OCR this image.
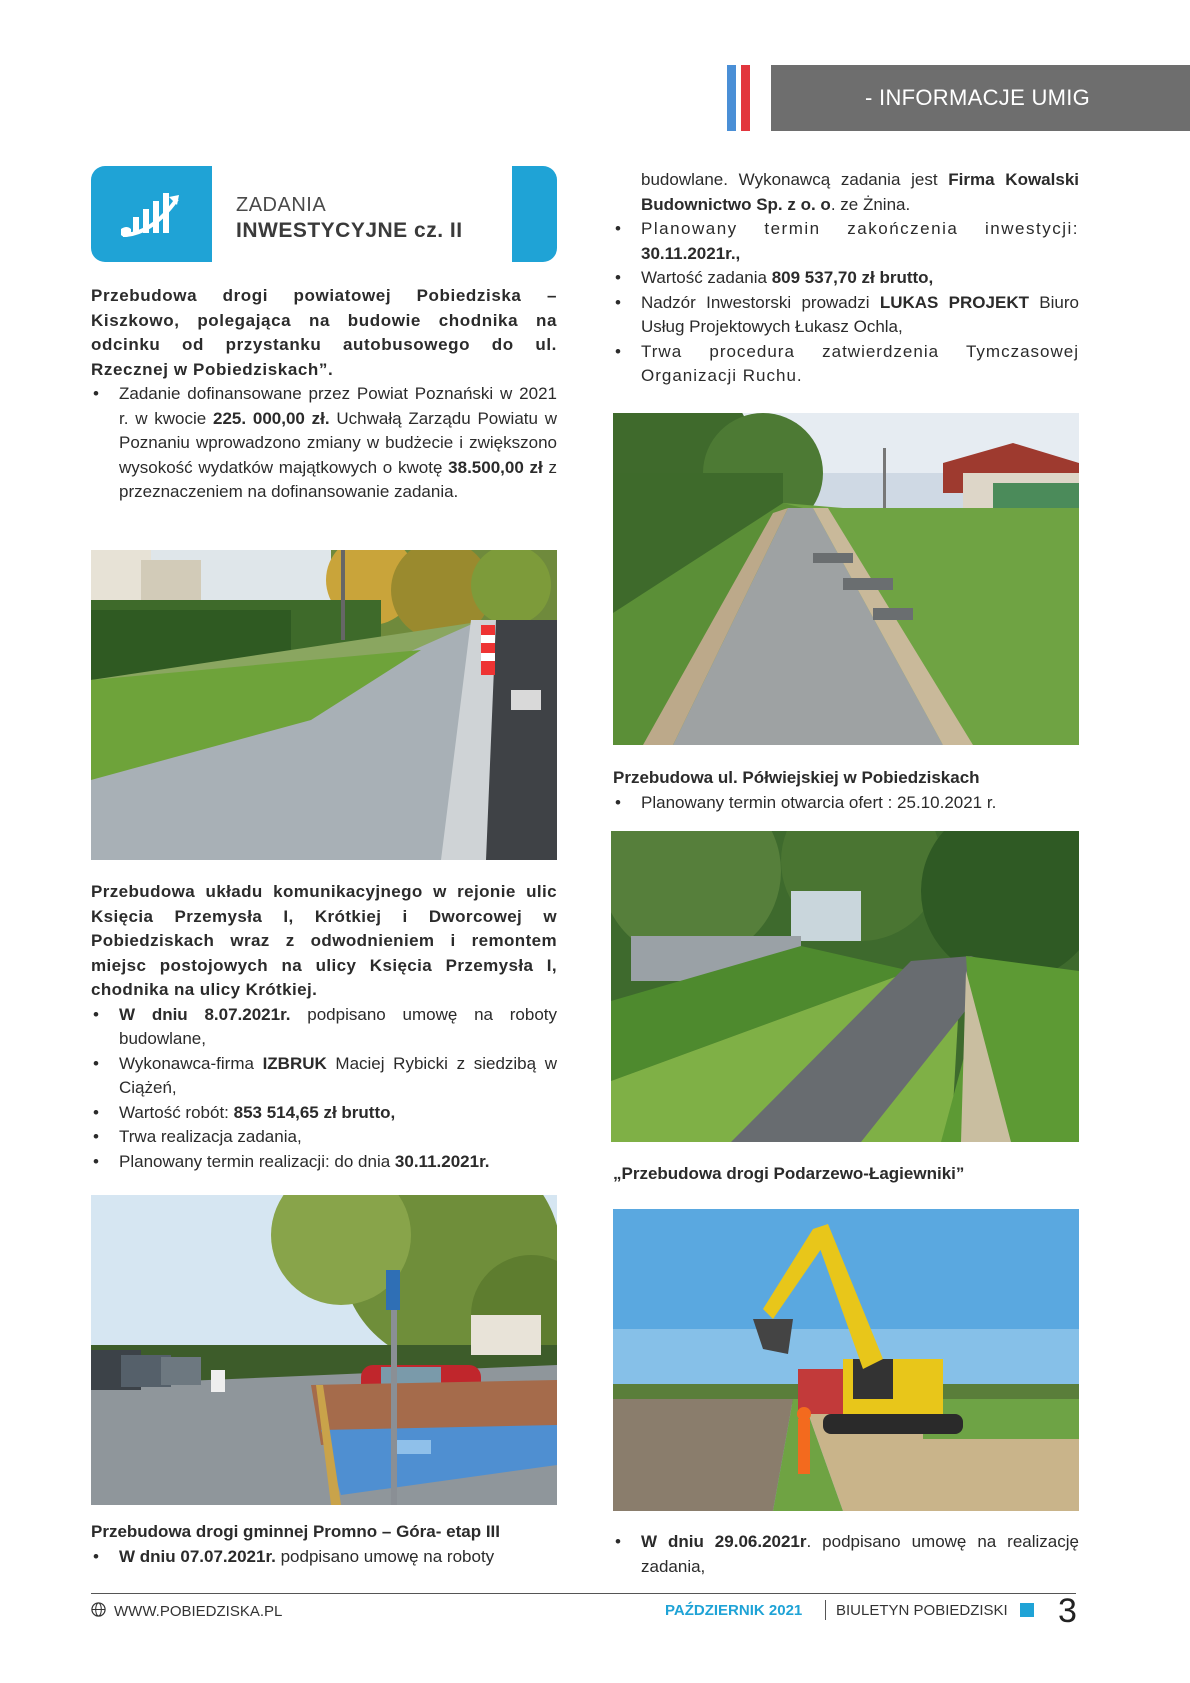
- INFORMACJE UMIG
ZADANIA
INWESTYCYJNE cz. II
Przebudowa drogi powiatowej Pobiedziska – Kiszkowo, polegająca na budowie chodnika na odcinku od przystanku autobusowego do ul. Rzecznej w Pobiedziskach”.
• Zadanie dofinansowane przez Powiat Poznański w 2021 r. w kwocie 225. 000,00 zł. Uchwałą Zarządu Powiatu w Poznaniu wprowadzono zmiany w budżecie i zwiększono wysokość wydatków majątkowych o kwotę 38.500,00 zł z przeznaczeniem na dofinansowanie zadania.
Przebudowa układu komunikacyjnego w rejonie ulic Księcia Przemysła I, Krótkiej i Dworcowej w Pobiedziskach wraz z odwodnieniem i remontem miejsc postojowych na ulicy Księcia Przemysła I, chodnika na ulicy Krótkiej.
• W dniu 8.07.2021r. podpisano umowę na roboty budowlane,
• Wykonawca-firma IZBRUK Maciej Rybicki z siedzibą w Ciążeń,
• Wartość robót: 853 514,65 zł brutto,
• Trwa realizacja zadania,
• Planowany termin realizacji: do dnia 30.11.2021r.
Przebudowa drogi gminnej Promno – Góra- etap III
• W dniu 07.07.2021r. podpisano umowę na roboty
budowlane. Wykonawcą zadania jest Firma Kowalski Budownictwo Sp. z o. o. ze Żnina.
• Planowany termin zakończenia inwestycji: 30.11.2021r.,
• Wartość zadania 809 537,70 zł brutto,
• Nadzór Inwestorski prowadzi LUKAS PROJEKT Biuro Usług Projektowych Łukasz Ochla,
• Trwa procedura zatwierdzenia Tymczasowej Organizacji Ruchu.
Przebudowa ul. Półwiejskiej w Pobiedziskach
• Planowany termin otwarcia ofert : 25.10.2021 r.
„Przebudowa drogi Podarzewo-Łagiewniki”
• W dniu 29.06.2021r. podpisano umowę na realizację zadania,
WWW.POBIEDZISKA.PL	PAŹDZIERNIK 2021 BIULETYN POBIEDZISKI 3
